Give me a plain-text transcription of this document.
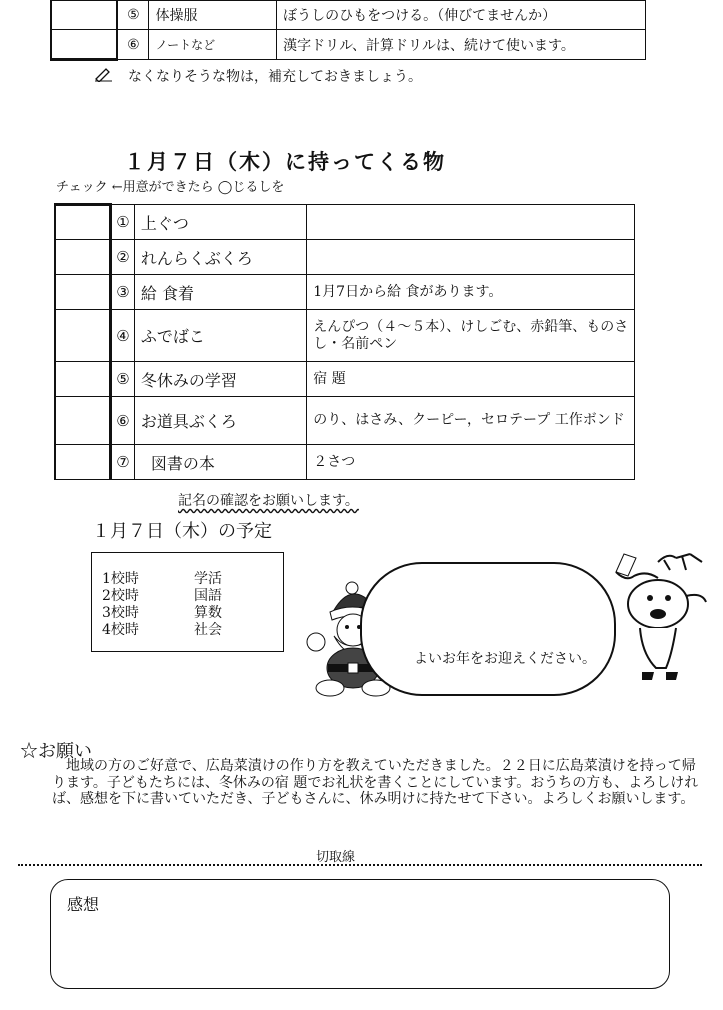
	⑤	体操服	ぼうしのひもをつける。（伸びてませんか）
	⑥	ノートなど	漢字ドリル、計算ドリルは、続けて使います。
なくなりそうな物は，補充しておきましょう。
１月７日（木）に持ってくる物
チェック ←用意ができたら ◯じるしを
	①	上ぐつ	
	②	れんらくぶくろ	
	③	給 食着	1月7日から給 食があります。
	④	ふでばこ	えんぴつ（４～５本）、けしごむ、赤鉛筆、ものさし・名前ペン
	⑤	冬休みの学習	宿 題
	⑥	お道具ぶくろ	のり、はさみ、クーピー，セロテープ 工作ボンド
	⑦	図書の本	２さつ
記名の確認をお願いします。
１月７日（木）の予定
1校時	学活
2校時	国語
3校時	算数
4校時	社会
よいお年をお迎えください。
☆お願い
地域の方のご好意で、広島菜漬けの作り方を教えていただきました。２２日に広島菜漬けを持って帰ります。子どもたちには、冬休みの宿 題でお礼状を書くことにしています。おうちの方も、よろしければ、感想を下に書いていただき、子どもさんに、休み明けに持たせて下さい。よろしくお願いします。
切取線
感想
